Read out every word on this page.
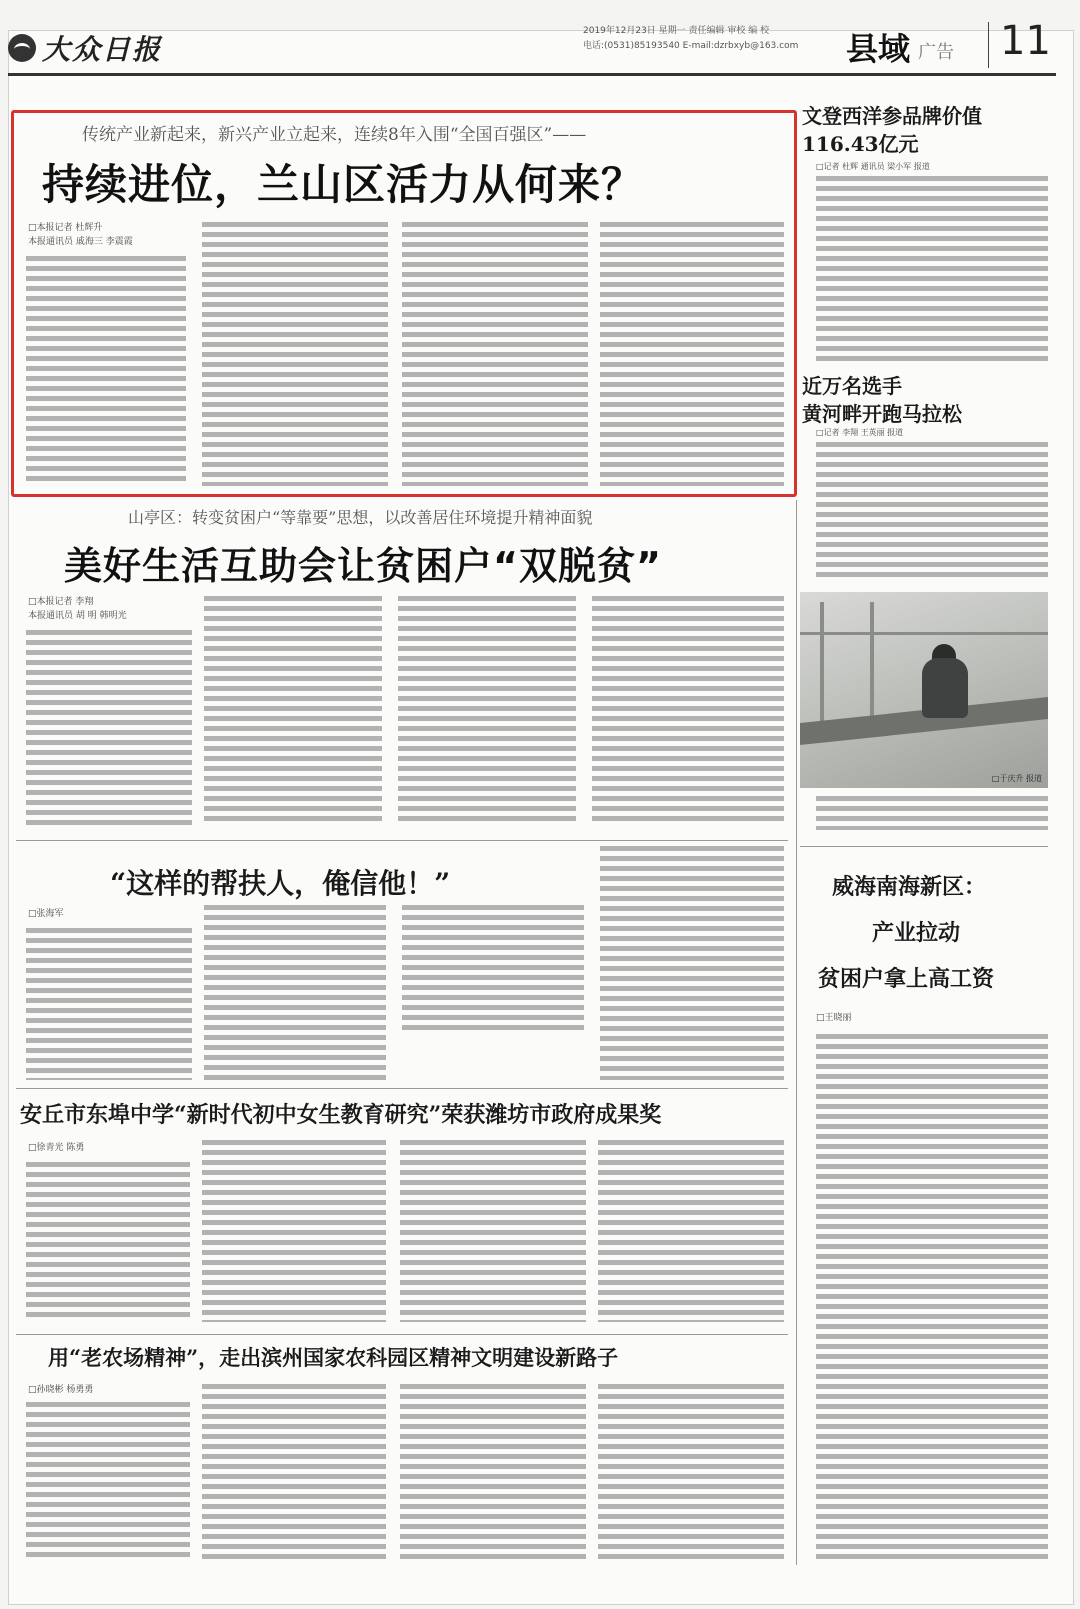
大众日报
2019年12月23日 星期一 责任编辑 审校 编 校
电话:(0531)85193540 E-mail:dzrbxyb@163.com	县域 广告 11
传统产业新起来，新兴产业立起来，连续8年入围“全国百强区”——
持续进位，兰山区活力从何来？
□本报记者 杜辉升
本报通讯员 戚海三 李震霞
山亭区：转变贫困户“等靠要”思想，以改善居住环境提升精神面貌
美好生活互助会让贫困户“双脱贫”
□本报记者 李翔
本报通讯员 胡 明 韩明光
“这样的帮扶人，俺信他！”
□张海军
安丘市东埠中学“新时代初中女生教育研究”荣获潍坊市政府成果奖
□徐青光 陈勇
用“老农场精神”，走出滨州国家农科园区精神文明建设新路子
□孙晓彬 杨勇勇
文登西洋参品牌价值
116.43亿元
□记者 杜辉 通讯员 梁小军 报道
近万名选手
黄河畔开跑马拉松
□记者 李翔 王英丽 报道
□于庆升 报道
威海南海新区：
产业拉动
贫困户拿上高工资
□王晓丽
